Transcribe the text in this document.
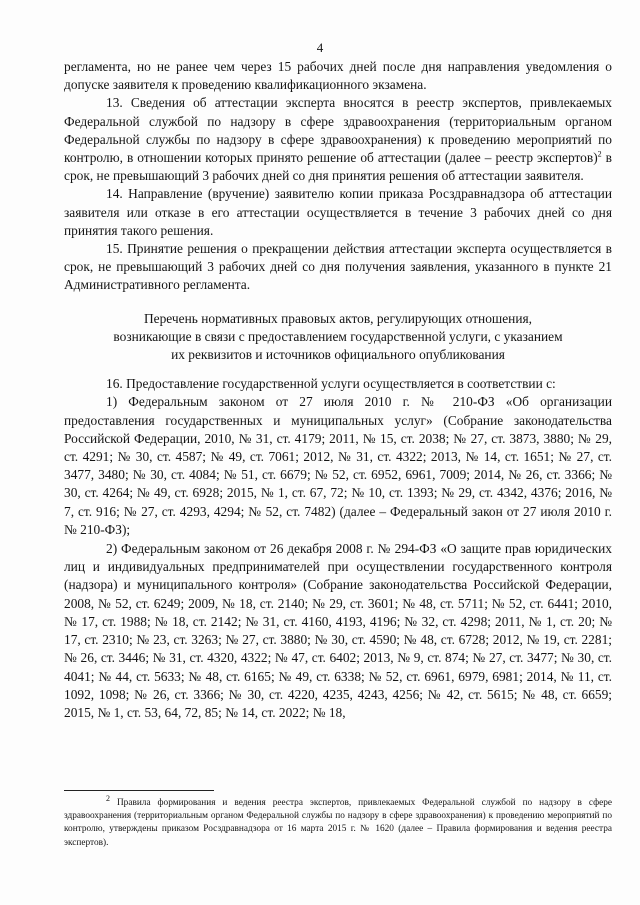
4

регламента, но не ранее чем через 15 рабочих дней после дня направления уведомления о допуске заявителя к проведению квалификационного экзамена.

13. Сведения об аттестации эксперта вносятся в реестр экспертов, привлекаемых Федеральной службой по надзору в сфере здравоохранения (территориальным органом Федеральной службы по надзору в сфере здравоохранения) к проведению мероприятий по контролю, в отношении которых принято решение об аттестации (далее – реестр экспертов)$^2$ в срок, не превышающий 3 рабочих дней со дня принятия решения об аттестации заявителя.

14. Направление (вручение) заявителю копии приказа Росздравнадзора об аттестации заявителя или отказе в его аттестации осуществляется в течение 3 рабочих дней со дня принятия такого решения.

15. Принятие решения о прекращении действия аттестации эксперта осуществляется в срок, не превышающий 3 рабочих дней со дня получения заявления, указанного в пункте 21 Административного регламента.

Перечень нормативных правовых актов, регулирующих отношения,
возникающие в связи с предоставлением государственной услуги, с указанием
их реквизитов и источников официального опубликования

16. Предоставление государственной услуги осуществляется в соответствии с:

1) Федеральным законом от 27 июля 2010 г. № 210-ФЗ «Об организации предоставления государственных и муниципальных услуг» (Собрание законодательства Российской Федерации, 2010, № 31, ст. 4179; 2011, № 15, ст. 2038; № 27, ст. 3873, 3880; № 29, ст. 4291; № 30, ст. 4587; № 49, ст. 7061; 2012, № 31, ст. 4322; 2013, № 14, ст. 1651; № 27, ст. 3477, 3480; № 30, ст. 4084; № 51, ст. 6679; № 52, ст. 6952, 6961, 7009; 2014, № 26, ст. 3366; № 30, ст. 4264; № 49, ст. 6928; 2015, № 1, ст. 67, 72; № 10, ст. 1393; № 29, ст. 4342, 4376; 2016, № 7, ст. 916; № 27, ст. 4293, 4294; № 52, ст. 7482) (далее – Федеральный закон от 27 июля 2010 г. № 210-ФЗ);

2) Федеральным законом от 26 декабря 2008 г. № 294-ФЗ «О защите прав юридических лиц и индивидуальных предпринимателей при осуществлении государственного контроля (надзора) и муниципального контроля» (Собрание законодательства Российской Федерации, 2008, № 52, ст. 6249; 2009, № 18, ст. 2140; № 29, ст. 3601; № 48, ст. 5711; № 52, ст. 6441; 2010, № 17, ст. 1988; № 18, ст. 2142; № 31, ст. 4160, 4193, 4196; № 32, ст. 4298; 2011, № 1, ст. 20; № 17, ст. 2310; № 23, ст. 3263; № 27, ст. 3880; № 30, ст. 4590; № 48, ст. 6728; 2012, № 19, ст. 2281; № 26, ст. 3446; № 31, ст. 4320, 4322; № 47, ст. 6402; 2013, № 9, ст. 874; № 27, ст. 3477; № 30, ст. 4041; № 44, ст. 5633; № 48, ст. 6165; № 49, ст. 6338; № 52, ст. 6961, 6979, 6981; 2014, № 11, ст. 1092, 1098; № 26, ст. 3366; № 30, ст. 4220, 4235, 4243, 4256; № 42, ст. 5615; № 48, ст. 6659; 2015, № 1, ст. 53, 64, 72, 85; № 14, ст. 2022; № 18,

$^2$ Правила формирования и ведения реестра экспертов, привлекаемых Федеральной службой по надзору в сфере здравоохранения (территориальным органом Федеральной службы по надзору в сфере здравоохранения) к проведению мероприятий по контролю, утверждены приказом Росздравнадзора от 16 марта 2015 г. № 1620 (далее – Правила формирования и ведения реестра экспертов).
